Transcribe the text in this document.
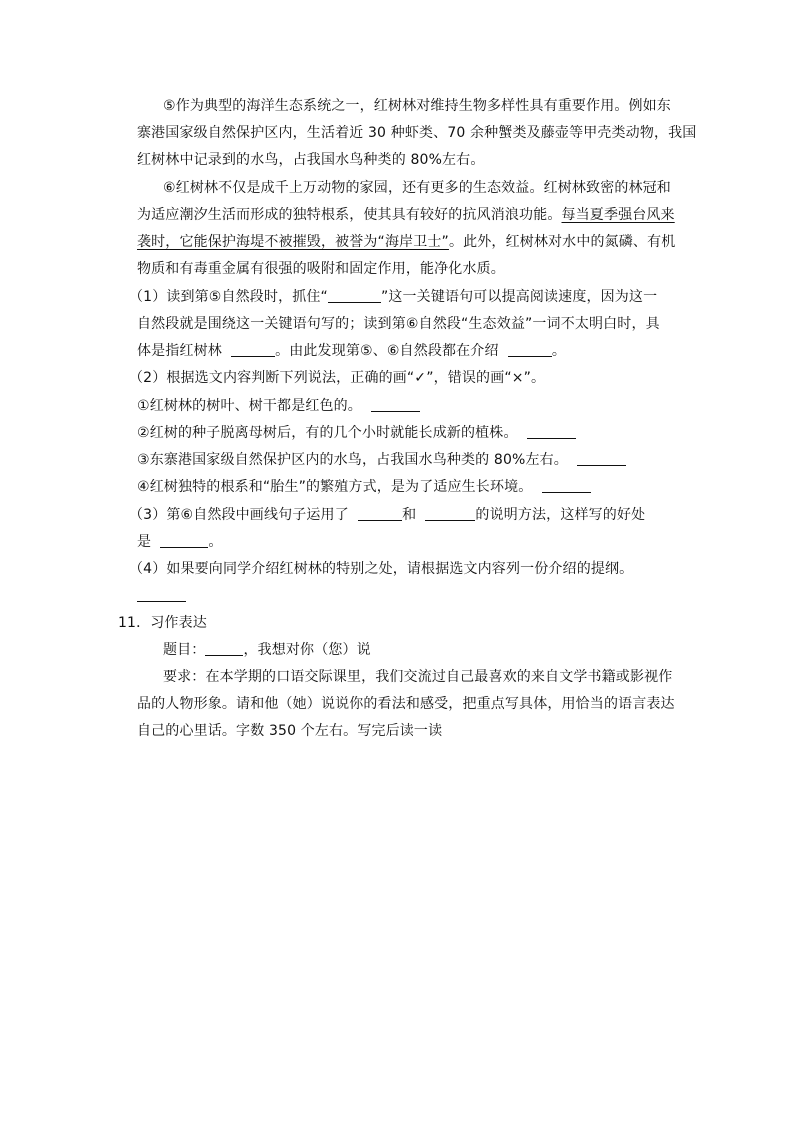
⑤作为典型的海洋生态系统之一，红树林对维持生物多样性具有重要作用。例如东
寨港国家级自然保护区内，生活着近 30 种虾类、70 余种蟹类及藤壶等甲壳类动物，我国
红树林中记录到的水鸟，占我国水鸟种类的 80%左右。
⑥红树林不仅是成千上万动物的家园，还有更多的生态效益。红树林致密的林冠和
为适应潮汐生活而形成的独特根系，使其具有较好的抗风消浪功能。每当夏季强台风来
袭时，它能保护海堤不被摧毁，被誉为“海岸卫士”。此外，红树林对水中的氮磷、有机
物质和有毒重金属有很强的吸附和固定作用，能净化水质。
（1）读到第⑤自然段时，抓住“	”这一关键语句可以提高阅读速度，因为这一
自然段就是围绕这一关键语句写的；读到第⑥自然段“生态效益”一词不太明白时，具
体是指红树林	。由此发现第⑤、⑥自然段都在介绍	。
（2）根据选文内容判断下列说法，正确的画“✓”，错误的画“×”。
①红树林的树叶、树干都是红色的。
②红树的种子脱离母树后，有的几个小时就能长成新的植株。
③东寨港国家级自然保护区内的水鸟，占我国水鸟种类的 80%左右。
④红树独特的根系和“胎生”的繁殖方式，是为了适应生长环境。
（3）第⑥自然段中画线句子运用了	和	的说明方法，这样写的好处
是	。
（4）如果要向同学介绍红树林的特别之处，请根据选文内容列一份介绍的提纲。
11．习作表达
题目：	，我想对你（您）说
要求：在本学期的口语交际课里，我们交流过自己最喜欢的来自文学书籍或影视作
品的人物形象。请和他（她）说说你的看法和感受，把重点写具体，用恰当的语言表达
自己的心里话。字数 350 个左右。写完后读一读
